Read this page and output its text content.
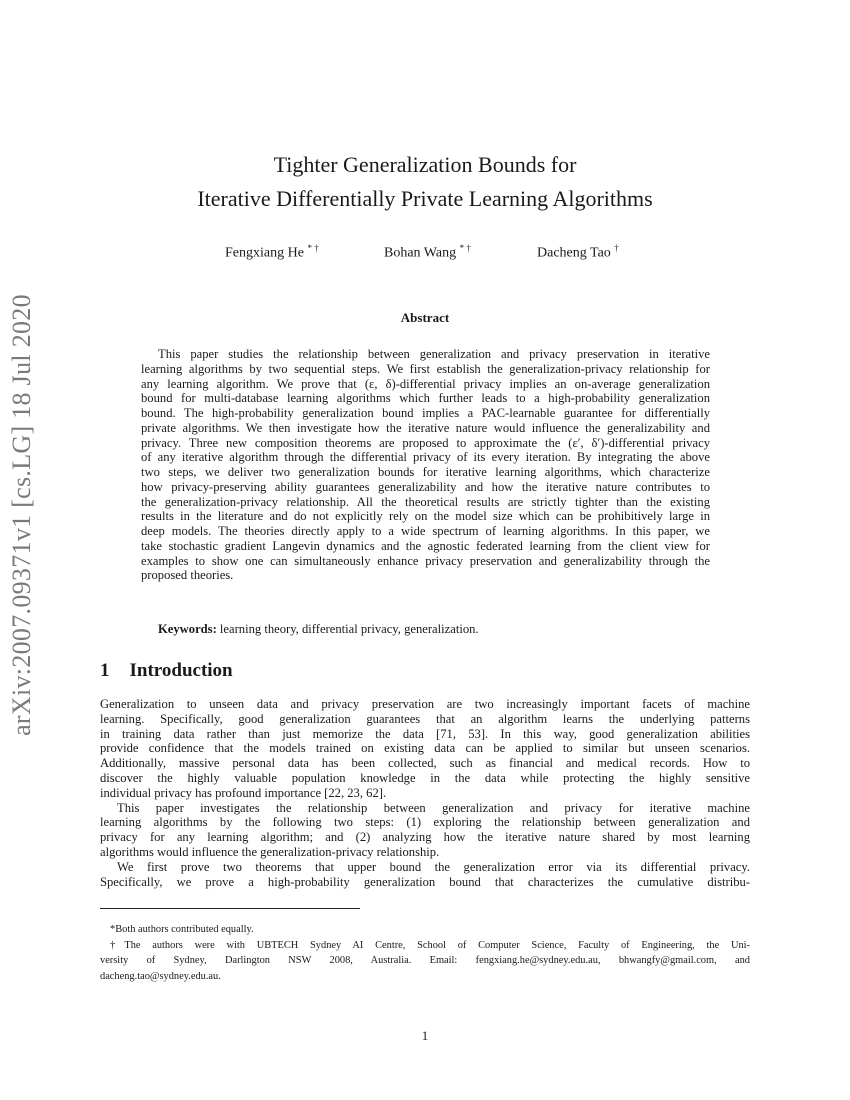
arXiv:2007.09371v1 [cs.LG] 18 Jul 2020
Tighter Generalization Bounds for
Iterative Differentially Private Learning Algorithms
Fengxiang He * †	Bohan Wang * †	Dacheng Tao †
Abstract
This paper studies the relationship between generalization and privacy preservation in iterative
learning algorithms by two sequential steps. We first establish the generalization-privacy relationship for
any learning algorithm. We prove that (ε, δ)-differential privacy implies an on-average generalization
bound for multi-database learning algorithms which further leads to a high-probability generalization
bound. The high-probability generalization bound implies a PAC-learnable guarantee for differentially
private algorithms. We then investigate how the iterative nature would influence the generalizability and
privacy. Three new composition theorems are proposed to approximate the (ε′, δ′)-differential privacy
of any iterative algorithm through the differential privacy of its every iteration. By integrating the above
two steps, we deliver two generalization bounds for iterative learning algorithms, which characterize
how privacy-preserving ability guarantees generalizability and how the iterative nature contributes to
the generalization-privacy relationship. All the theoretical results are strictly tighter than the existing
results in the literature and do not explicitly rely on the model size which can be prohibitively large in
deep models. The theories directly apply to a wide spectrum of learning algorithms. In this paper, we
take stochastic gradient Langevin dynamics and the agnostic federated learning from the client view for
examples to show one can simultaneously enhance privacy preservation and generalizability through the
proposed theories.
Keywords: learning theory, differential privacy, generalization.
1 Introduction
Generalization to unseen data and privacy preservation are two increasingly important facets of machine
learning. Specifically, good generalization guarantees that an algorithm learns the underlying patterns
in training data rather than just memorize the data [71, 53]. In this way, good generalization abilities
provide confidence that the models trained on existing data can be applied to similar but unseen scenarios.
Additionally, massive personal data has been collected, such as financial and medical records. How to
discover the highly valuable population knowledge in the data while protecting the highly sensitive
individual privacy has profound importance [22, 23, 62].
This paper investigates the relationship between generalization and privacy for iterative machine
learning algorithms by the following two steps: (1) exploring the relationship between generalization and
privacy for any learning algorithm; and (2) analyzing how the iterative nature shared by most learning
algorithms would influence the generalization-privacy relationship.
We first prove two theorems that upper bound the generalization error via its differential privacy.
Specifically, we prove a high-probability generalization bound that characterizes the cumulative distribu-
*Both authors contributed equally.
†The authors were with UBTECH Sydney AI Centre, School of Computer Science, Faculty of Engineering, the Uni-
versity of Sydney, Darlington NSW 2008, Australia. Email: fengxiang.he@sydney.edu.au, bhwangfy@gmail.com, and
dacheng.tao@sydney.edu.au.
1
